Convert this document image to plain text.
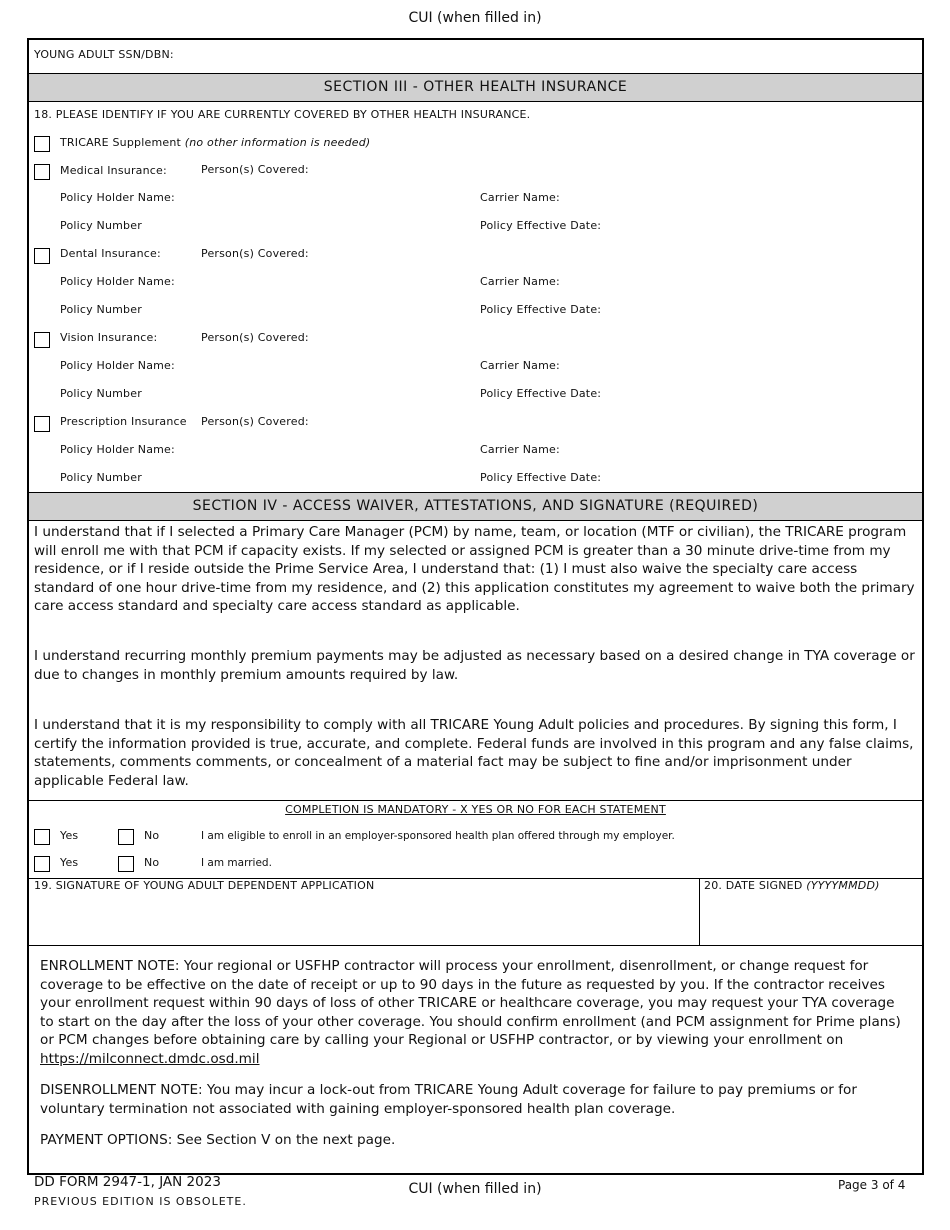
CUI (when filled in)
YOUNG ADULT SSN/DBN:
SECTION III - OTHER HEALTH INSURANCE
18. PLEASE IDENTIFY IF YOU ARE CURRENTLY COVERED BY OTHER HEALTH INSURANCE.
TRICARE Supplement (no other information is needed)
Medical Insurance:	Person(s) Covered:
Policy Holder Name:	Carrier Name:
Policy Number	Policy Effective Date:
Dental Insurance:	Person(s) Covered:
Policy Holder Name:	Carrier Name:
Policy Number	Policy Effective Date:
Vision Insurance:	Person(s) Covered:
Policy Holder Name:	Carrier Name:
Policy Number	Policy Effective Date:
Prescription Insurance Person(s) Covered:
Policy Holder Name:	Carrier Name:
Policy Number	Policy Effective Date:
SECTION IV - ACCESS WAIVER, ATTESTATIONS, AND SIGNATURE (REQUIRED)
I understand that if I selected a Primary Care Manager (PCM) by name, team, or location (MTF or civilian), the TRICARE program will enroll me with that PCM if capacity exists. If my selected or assigned PCM is greater than a 30 minute drive-time from my residence, or if I reside outside the Prime Service Area, I understand that: (1) I must also waive the specialty care access standard of one hour drive-time from my residence, and (2) this application constitutes my agreement to waive both the primary care access standard and specialty care access standard as applicable.
I understand recurring monthly premium payments may be adjusted as necessary based on a desired change in TYA coverage or due to changes in monthly premium amounts required by law.
I understand that it is my responsibility to comply with all TRICARE Young Adult policies and procedures. By signing this form, I certify the information provided is true, accurate, and complete. Federal funds are involved in this program and any false claims, statements, comments comments, or concealment of a material fact may be subject to fine and/or imprisonment under applicable Federal law.
COMPLETION IS MANDATORY - X YES OR NO FOR EACH STATEMENT
Yes	No	I am eligible to enroll in an employer-sponsored health plan offered through my employer.
Yes	No	I am married.
19. SIGNATURE OF YOUNG ADULT DEPENDENT APPLICATION	20. DATE SIGNED (YYYYMMDD)
ENROLLMENT NOTE: Your regional or USFHP contractor will process your enrollment, disenrollment, or change request for coverage to be effective on the date of receipt or up to 90 days in the future as requested by you. If the contractor receives your enrollment request within 90 days of loss of other TRICARE or healthcare coverage, you may request your TYA coverage to start on the day after the loss of your other coverage. You should confirm enrollment (and PCM assignment for Prime plans) or PCM changes before obtaining care by calling your Regional or USFHP contractor, or by viewing your enrollment on https://milconnect.dmdc.osd.mil
DISENROLLMENT NOTE: You may incur a lock-out from TRICARE Young Adult coverage for failure to pay premiums or for voluntary termination not associated with gaining employer-sponsored health plan coverage.
PAYMENT OPTIONS: See Section V on the next page.
DD FORM 2947-1, JAN 2023
PREVIOUS EDITION IS OBSOLETE.
CUI (when filled in)	Page 3 of 4
